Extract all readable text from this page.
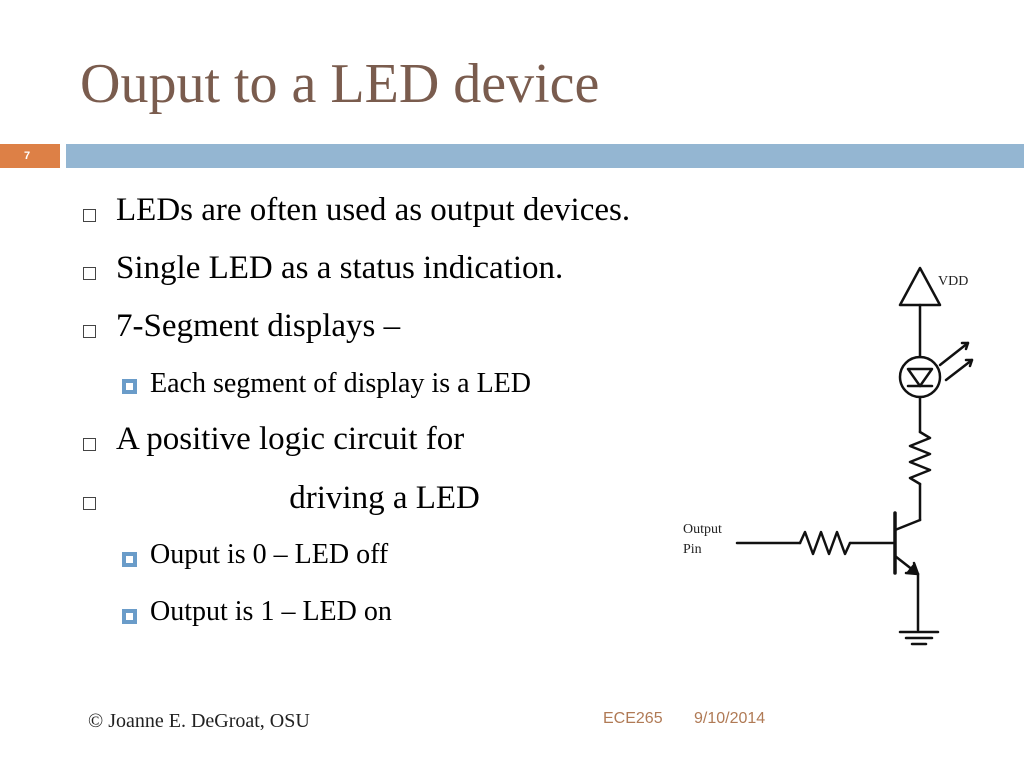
Ouput to a LED device
7
LEDs are often used as output devices.
Single LED as a status indication.
7-Segment displays –
Each segment of display is a LED
A positive logic circuit for
driving a LED
Ouput is 0 – LED off
Output is 1 – LED on
VDD
Output
Pin
© Joanne E. DeGroat, OSU	ECE265 9/10/2014
